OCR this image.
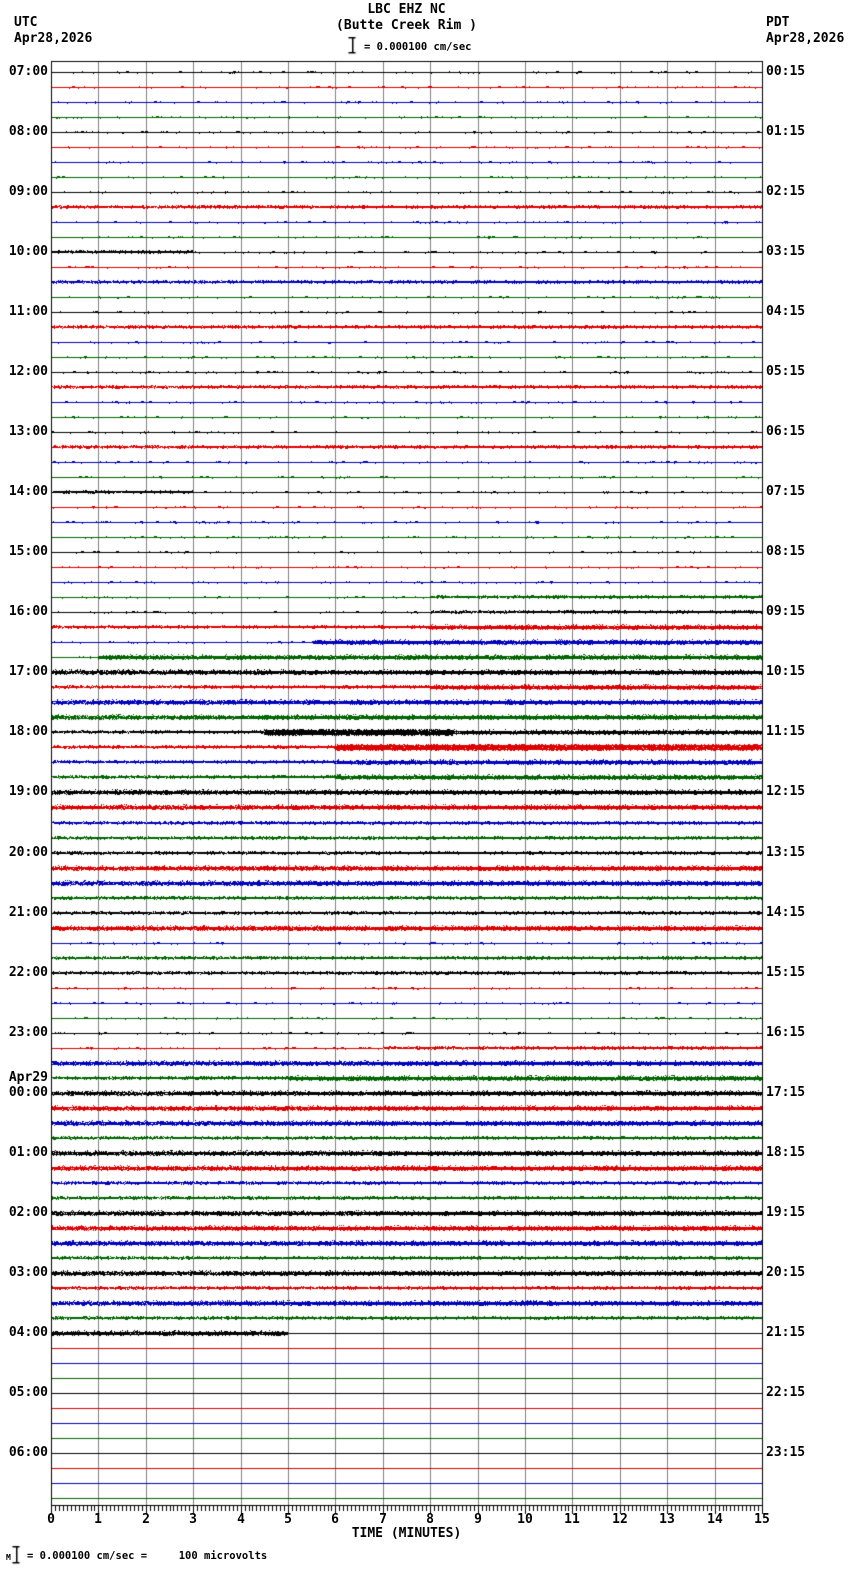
LBC EHZ NC
(Butte Creek Rim )
= 0.000100 cm/sec
UTC
Apr28,2026
PDT
Apr28,2026
07:00
08:00
09:00
10:00
11:00
12:00
13:00
14:00
15:00
16:00
17:00
18:00
19:00
20:00
21:00
22:00
23:00
00:00
01:00
02:00
03:00
04:00
05:00
06:00
Apr29
00:15
01:15
02:15
03:15
04:15
05:15
06:15
07:15
08:15
09:15
10:15
11:15
12:15
13:15
14:15
15:15
16:15
17:15
18:15
19:15
20:15
21:15
22:15
23:15
0	1	2	3	4	5	6	7	8	9	10	11	12	13	14	15
TIME (MINUTES)
M = 0.000100 cm/sec =     100 microvolts
